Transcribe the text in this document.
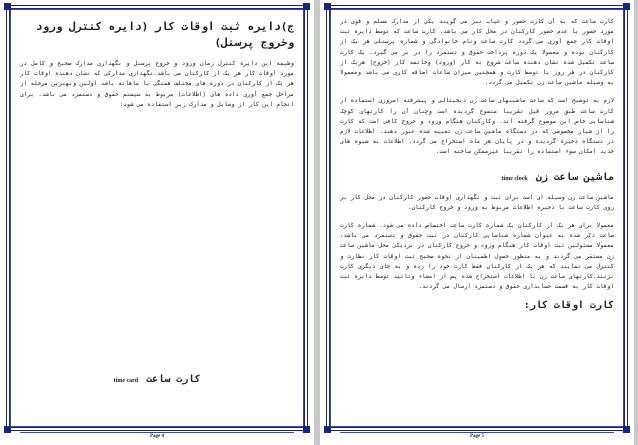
ج)دایره ثبت اوقات کار (دایره کنترل ورود وخروج پرسنل)

وظیفه این دایره کنترل زمان ورود و خروج پرسنل و نگهداری مدارک صحیح و کامل در مورد اوقات کار هر یک از کارکنان می باشد.نگهداری مدارکی که نشان دهنده اوقات کار هر یک از کارکنان در دوره های مختلف هفتگی یا ماهانه باشد اولین وبهترین مرحله از مراحل جمع آوری داده های (اطلاعات) مربوط به سیستم حقوق و دستمزد می باشد. برای انجام این کار از وسایل و مدارک زیر استفاده می شود:

کارت ساعت
time card
Page 4

کارت ساعت که به آن کارت حضور و غیاب نیز می گویند یکی از مدارک مسلم و قوی در مورد حضور یا عدم حضور کارکنان در محل کار می باشد. کارت ساعت که توسط دایره ثبت اوقات کار جمع آوری می گردد کارت ساعت ونام خانوادگی و شماره پرسنلی هر یک از کارکنان بوده و معمولا یک دوره پرداخت حقوق و دستمزد را در بر می گیرد. یک کارت ساعت تکمیل شده نشان دهنده ساعت شروع به کار (ورود) وخاتمه کار (خروج) هریک از کارکنان در هر روز با توسط کارت و همچنین میزان ساعات اضافه کاری می باشد ومعمولا به وسیله ماشین ساعت زن تکمیل می گردد.

لازم به توضیح است که ساعت ماشینهای ساعت زن دیجیتالی و پیشرفته امروزی استفاده از کارت ساعت طبق مرور قبل تقریبا منسوخ گردیده است وچنان آن را کارتهای کوچک شناسایی خاص این موضوع گرفته اند. وکارکنان هنگام ورود و خروج کافی است که کارت را از شیار مخصوصی که در دستگاه ماشین ساعت زن تعبیه شده عبور دهند. اطلاعات لازم در دستگاه ذخیره گردیده و در پایان هر ماه استخراج می گردد. اطلاعات به شیوه های جدید امکان سوء استفاده را تقریبا غیرممکن ساخته است.

ماشین ساعت زن
time clock

ماشین ساعت زن وسیله ای است برای ثبت و نگهداری اوقات حضور کارکنان در محل کار بر روی کارت ساعت یا ذخیره اطلاعات مربوط به ورود و خروج کارکنان.

معمولا برای هر یک از کارکنان یک شماره کارت ساعت اختصاص داده می شود. شماره کارت ساعت ذکر شده به عنوان شماره شناسایی کارکنان در ثبت حقوق و دستمزد می باشد. معمولا مسئولین ثبت اوقات کار هنگام ورود و خروج کارکنان در نزدیکی محل ماشین ساعت زن مستقر می گردند و به منظور حصول اطمینان از نحوه صحیح ثبت اوقات کار نظارت و کنترل می نمایند که هر یک از کارکنان فقط کارت خود را زده و به جای دیگری کارت نزنند.کارتهای ساعت زن با اطلاعات استخراج شده پس از امضاء وتائید توسط دایره ثبت اوقات کار به قسمت حسابداری حقوق و دستمزد ارسال می گردند.

کارت اوقات کار:
Page 5
